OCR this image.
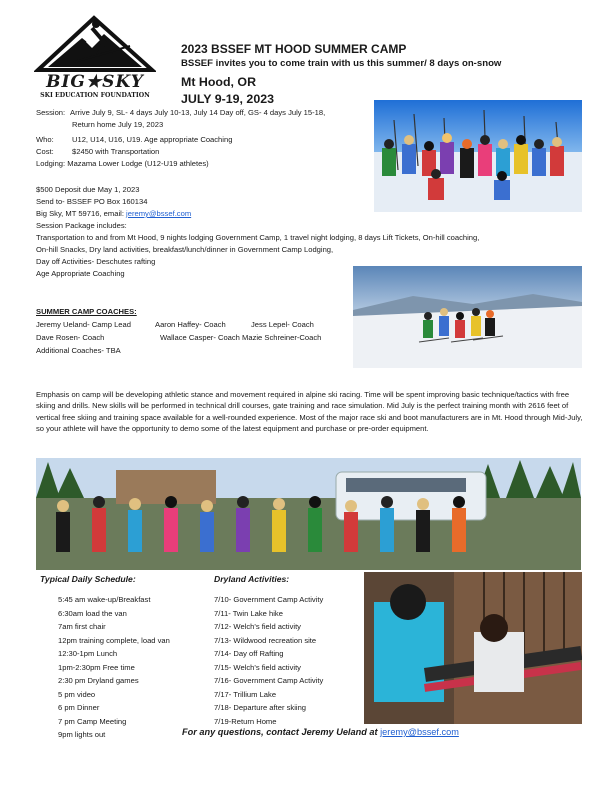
BIG★SKY
SKI EDUCATION FOUNDATION
2023 BSSEF MT HOOD SUMMER CAMP
BSSEF invites you to come train with us this summer/ 8 days on-snow
Mt Hood, OR
JULY 9-19, 2023
Session: Arrive July 9, SL- 4 days July 10-13, July 14 Day off, GS- 4 days July 15-18,
Return home July 19, 2023
Who: U12, U14, U16, U19. Age appropriate Coaching
Cost: $2450 with Transportation
Lodging: Mazama Lower Lodge (U12-U19 athletes)
$500 Deposit due May 1, 2023
Send to- BSSEF PO Box 160134
Big Sky, MT 59716, email: jeremy@bssef.com
Session Package includes:
Transportation to and from Mt Hood, 9 nights lodging Government Camp, 1 travel night lodging, 8 days Lift Tickets, On-hill coaching,
On-hill Snacks, Dry land activities, breakfast/lunch/dinner in Government Camp Lodging,
Day off Activities- Deschutes rafting
Age Appropriate Coaching
SUMMER CAMP COACHES:
Jeremy Ueland- Camp Lead	Aaron Haffey- Coach	Jess Lepel- Coach
Dave Rosen- Coach	Wallace Casper- Coach Mazie Schreiner-Coach
Additional Coaches- TBA
Emphasis on camp will be developing athletic stance and movement required in alpine ski racing. Time will be spent improving basic technique/tactics with free skiing and drills. New skills will be performed in technical drill courses, gate training and race simulation. Mid July is the perfect training month with 2616 feet of vertical free skiing and training space available for a well-rounded experience. Most of the major race ski and boot manufacturers are in Mt. Hood through Mid-July, so your athlete will have the opportunity to demo some of the latest equipment and purchase or pre-order equipment.
Typical Daily Schedule:
5:45 am wake-up/Breakfast
6:30am load the van
7am first chair
12pm training complete, load van
12:30-1pm Lunch
1pm-2:30pm Free time
2:30 pm Dryland games
5 pm video
6 pm Dinner
7 pm Camp Meeting
9pm lights out
Dryland Activities:
7/10- Government Camp Activity
7/11- Twin Lake hike
7/12- Welch's field activity
7/13- Wildwood recreation site
7/14- Day off Rafting
7/15- Welch's field activity
7/16- Government Camp Activity
7/17- Trillium Lake
7/18- Departure after skiing
7/19-Return Home
For any questions, contact Jeremy Ueland at jeremy@bssef.com
